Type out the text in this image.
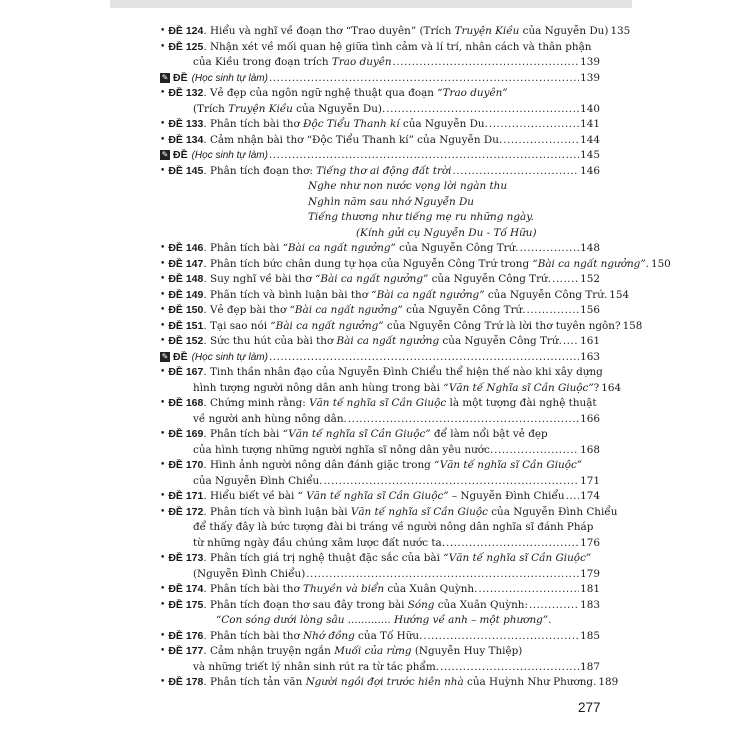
• ĐỀ 124 . Hiểu và nghĩ về đoạn thơ “Trao duyên” (Trích Truyện Kiều của Nguyễn Du) 135
• ĐỀ 125 . Nhận xét về mối quan hệ giữa tình cảm và lí trí, nhân cách và thân phận
của Kiều trong đoạn trích Trao duyên .....	139
✎ ĐỀ (Học sinh tự làm) .....	139
• ĐỀ 132 . Vẻ đẹp của ngôn ngữ nghệ thuật qua đoạn “Trao duyên”
(Trích Truyện Kiều của Nguyễn Du). .....	140
• ĐỀ 133 . Phân tích bài thơ Độc Tiểu Thanh kí của Nguyễn Du. .....	141
• ĐỀ 134 . Cảm nhận bài thơ “Độc Tiểu Thanh kí” của Nguyễn Du. .....	144
✎ ĐỀ (Học sinh tự làm) .....	145
• ĐỀ 145 . Phân tích đoạn thơ: Tiếng thơ ai động đất trời .....	146
Nghe như non nước vọng lời ngàn thu
Nghìn năm sau nhớ Nguyễn Du
Tiếng thương như tiếng mẹ ru những ngày.
(Kính gửi cụ Nguyễn Du - Tố Hữu)
• ĐỀ 146 . Phân tích bài “Bài ca ngất ngưởng” của Nguyễn Công Trứ. .....	148
• ĐỀ 147 . Phân tích bức chân dung tự họa của Nguyễn Công Trứ trong “Bài ca ngất ngưởng”. 150
• ĐỀ 148 . Suy nghĩ về bài thơ “Bài ca ngất ngưởng” của Nguyễn Công Trứ. .....	152
• ĐỀ 149 . Phân tích và bình luận bài thơ “Bài ca ngất ngưởng” của Nguyễn Công Trứ. 154
• ĐỀ 150 . Vẻ đẹp bài thơ “Bài ca ngất ngưởng” của Nguyễn Công Trứ. .....	156
• ĐỀ 151 . Tại sao nói “Bài ca ngất ngưởng” của Nguyễn Công Trứ là lời thơ tuyên ngôn? 158
• ĐỀ 152 . Sức thu hút của bài thơ Bài ca ngất ngưởng của Nguyễn Công Trứ. ..... 161
✎ ĐỀ (Học sinh tự làm) .....	163
• ĐỀ 167 . Tinh thần nhân đạo của Nguyễn Đình Chiểu thể hiện thế nào khi xây dựng
hình tượng người nông dân anh hùng trong bài “Văn tế Nghĩa sĩ Cần Giuộc”? 164
• ĐỀ 168 . Chứng minh rằng: Văn tế nghĩa sĩ Cần Giuộc là một tượng đài nghệ thuật
về người anh hùng nông dân. .....	166
• ĐỀ 169 . Phân tích bài “Văn tế nghĩa sĩ Cần Giuộc” để làm nổi bật vẻ đẹp
của hình tượng những người nghĩa sĩ nông dân yêu nước. .....	168
• ĐỀ 170 . Hình ảnh người nông dân đánh giặc trong “Văn tế nghĩa sĩ Cần Giuộc”
của Nguyễn Đình Chiểu. .....	171
• ĐỀ 171 . Hiểu biết về bài “ Văn tế nghĩa sĩ Cần Giuộc” – Nguyễn Đình Chiểu ..... 174
• ĐỀ 172 . Phân tích và bình luận bài Văn tế nghĩa sĩ Cần Giuộc của Nguyễn Đình Chiểu
để thấy đây là bức tượng đài bi tráng về người nông dân nghĩa sĩ đánh Pháp
từ những ngày đầu chúng xâm lược đất nước ta. .....	176
• ĐỀ 173 . Phân tích giá trị nghệ thuật đặc sắc của bài “Văn tế nghĩa sĩ Cần Giuộc”
(Nguyễn Đình Chiểu) .....	179
• ĐỀ 174 . Phân tích bài thơ Thuyền và biển của Xuân Quỳnh. .....	181
• ĐỀ 175 . Phân tích đoạn thơ sau đây trong bài Sóng của Xuân Quỳnh: .....	183
“Con sóng dưới lòng sâu ............. Hướng về anh – một phương”.
• ĐỀ 176 . Phân tích bài thơ Nhớ đồng của Tố Hữu. .....	185
• ĐỀ 177 . Cảm nhận truyện ngắn Muối của rừng (Nguyễn Huy Thiệp)
và những triết lý nhân sinh rút ra từ tác phẩm. .....	187
• ĐỀ 178 . Phân tích tản văn Người ngồi đợi trước hiên nhà của Huỳnh Như Phương. 189
277
